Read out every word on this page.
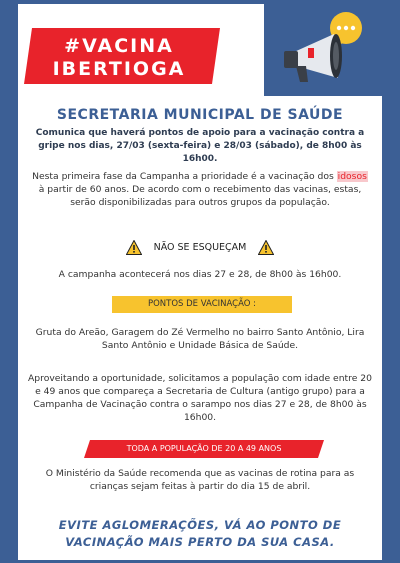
#VACINA
IBERTIOGA
SECRETARIA MUNICIPAL DE SAÚDE
Comunica que haverá pontos de apoio para a vacinação contra a gripe nos dias, 27/03 (sexta-feira) e 28/03 (sábado), de 8h00 às 16h00.
Nesta primeira fase da Campanha a prioridade é a vacinação dos idosos à partir de 60 anos. De acordo com o recebimento das vacinas, estas, serão disponibilizadas para outros grupos da população.
NÃO SE ESQUEÇAM
A campanha acontecerá nos dias 27 e 28, de 8h00 às 16h00.
PONTOS DE VACINAÇÃO :
Gruta do Areão, Garagem do Zé Vermelho no bairro Santo Antônio, Lira Santo Antônio e Unidade Básica de Saúde.
Aproveitando a oportunidade, solicitamos a população com idade entre 20 e 49 anos que compareça a Secretaria de Cultura (antigo grupo) para a Campanha de Vacinação contra o sarampo nos dias 27 e 28, de 8h00 às 16h00.
TODA A POPULAÇÃO DE 20 A 49 ANOS
O Ministério da Saúde recomenda que as vacinas de rotina para as crianças sejam feitas à partir do dia 15 de abril.
EVITE AGLOMERAÇÕES, VÁ AO PONTO DE
VACINAÇÃO MAIS PERTO DA SUA CASA.
